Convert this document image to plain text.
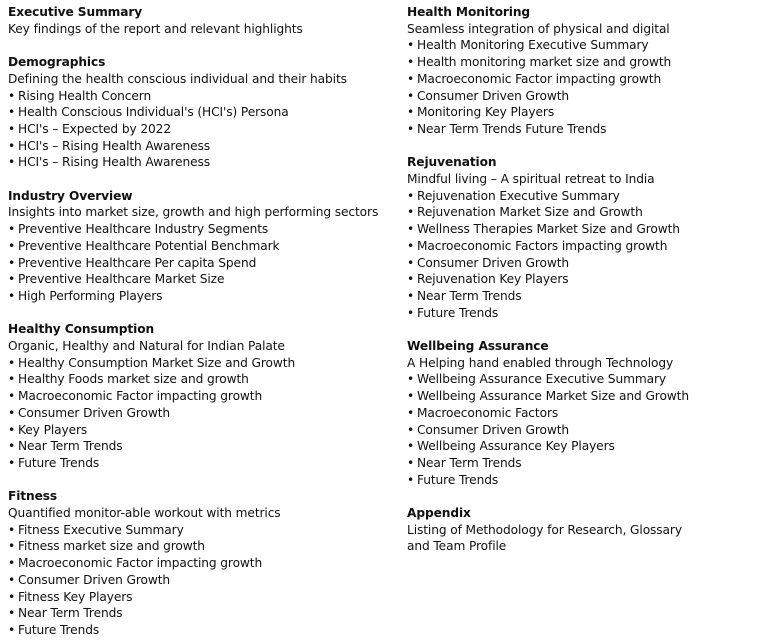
Executive Summary
Key findings of the report and relevant highlights
Demographics
Defining the health conscious individual and their habits
• Rising Health Concern
• Health Conscious Individual's (HCI's) Persona
• HCI's – Expected by 2022
• HCI's – Rising Health Awareness
• HCI's – Rising Health Awareness
Industry Overview
Insights into market size, growth and high performing sectors
• Preventive Healthcare Industry Segments
• Preventive Healthcare Potential Benchmark
• Preventive Healthcare Per capita Spend
• Preventive Healthcare Market Size
• High Performing Players
Healthy Consumption
Organic, Healthy and Natural for Indian Palate
• Healthy Consumption Market Size and Growth
• Healthy Foods market size and growth
• Macroeconomic Factor impacting growth
• Consumer Driven Growth
• Key Players
• Near Term Trends
• Future Trends
Fitness
Quantified monitor-able workout with metrics
• Fitness Executive Summary
• Fitness market size and growth
• Macroeconomic Factor impacting growth
• Consumer Driven Growth
• Fitness Key Players
• Near Term Trends
• Future Trends
Health Monitoring
Seamless integration of physical and digital
• Health Monitoring Executive Summary
• Health monitoring market size and growth
• Macroeconomic Factor impacting growth
• Consumer Driven Growth
• Monitoring Key Players
• Near Term Trends Future Trends
Rejuvenation
Mindful living – A spiritual retreat to India
• Rejuvenation Executive Summary
• Rejuvenation Market Size and Growth
• Wellness Therapies Market Size and Growth
• Macroeconomic Factors impacting growth
• Consumer Driven Growth
• Rejuvenation Key Players
• Near Term Trends
• Future Trends
Wellbeing Assurance
A Helping hand enabled through Technology
• Wellbeing Assurance Executive Summary
• Wellbeing Assurance Market Size and Growth
• Macroeconomic Factors
• Consumer Driven Growth
• Wellbeing Assurance Key Players
• Near Term Trends
• Future Trends
Appendix
Listing of Methodology for Research, Glossary and Team Profile
